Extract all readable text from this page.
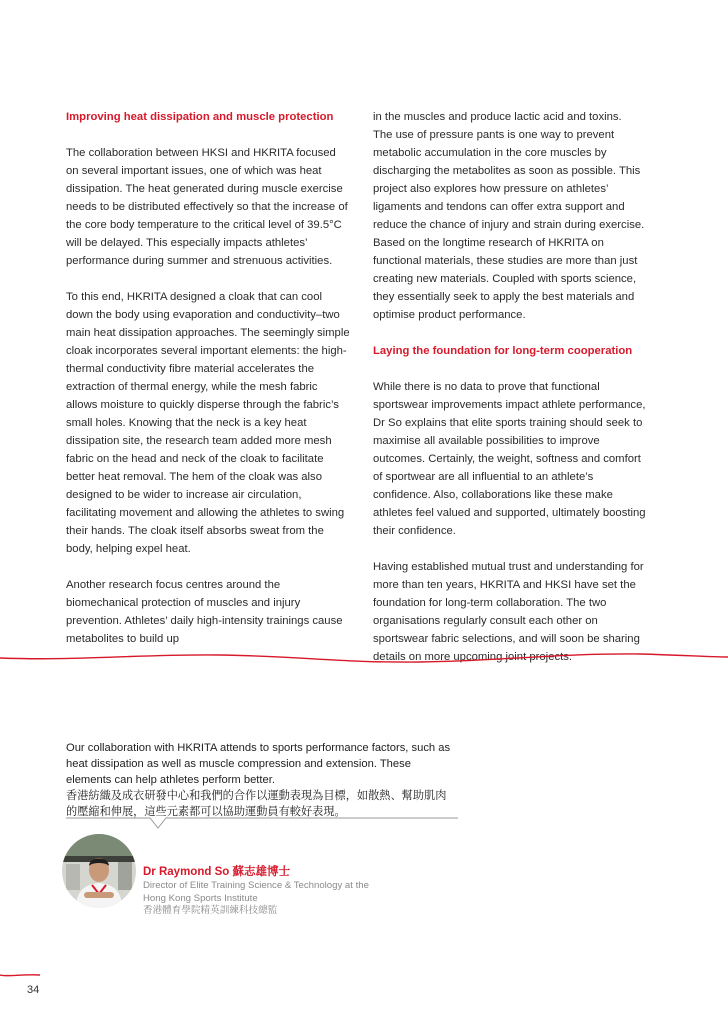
Improving heat dissipation and muscle protection

The collaboration between HKSI and HKRITA focused on several important issues, one of which was heat dissipation. The heat generated during muscle exercise needs to be distributed effectively so that the increase of the core body temperature to the critical level of 39.5°C will be delayed. This especially impacts athletes’ performance during summer and strenuous activities.

To this end, HKRITA designed a cloak that can cool down the body using evaporation and conductivity–two main heat dissipation approaches. The seemingly simple cloak incorporates several important elements: the high-thermal conductivity fibre material accelerates the extraction of thermal energy, while the mesh fabric allows moisture to quickly disperse through the fabric’s small holes. Knowing that the neck is a key heat dissipation site, the research team added more mesh fabric on the head and neck of the cloak to facilitate better heat removal. The hem of the cloak was also designed to be wider to increase air circulation, facilitating movement and allowing the athletes to swing their hands. The cloak itself absorbs sweat from the body, helping expel heat.

Another research focus centres around the biomechanical protection of muscles and injury prevention. Athletes’ daily high-intensity trainings cause metabolites to build up

in the muscles and produce lactic acid and toxins.

The use of pressure pants is one way to prevent metabolic accumulation in the core muscles by discharging the metabolites as soon as possible. This project also explores how pressure on athletes’ ligaments and tendons can offer extra support and reduce the chance of injury and strain during exercise. Based on the longtime research of HKRITA on functional materials, these studies are more than just creating new materials. Coupled with sports science, they essentially seek to apply the best materials and optimise product performance.

Laying the foundation for long-term cooperation

While there is no data to prove that functional sportswear improvements impact athlete performance, Dr So explains that elite sports training should seek to maximise all available possibilities to improve outcomes. Certainly, the weight, softness and comfort of sportwear are all influential to an athlete’s confidence. Also, collaborations like these make athletes feel valued and supported, ultimately boosting their confidence.

Having established mutual trust and understanding for more than ten years, HKRITA and HKSI have set the foundation for long-term collaboration. The two organisations regularly consult each other on sportswear fabric selections, and will soon be sharing details on more upcoming joint projects.

Our collaboration with HKRITA attends to sports performance factors, such as heat dissipation as well as muscle compression and extension. These elements can help athletes perform better.

香港紡織及成衣研發中心和我們的合作以運動表現為目標，如散熱、幫助肌肉的壓縮和伸展，這些元素都可以協助運動員有較好表現。

Dr Raymond So 蘇志雄博士
Director of Elite Training Science & Technology at the
Hong Kong Sports Institute
香港體育學院精英訓練科技總監
34
